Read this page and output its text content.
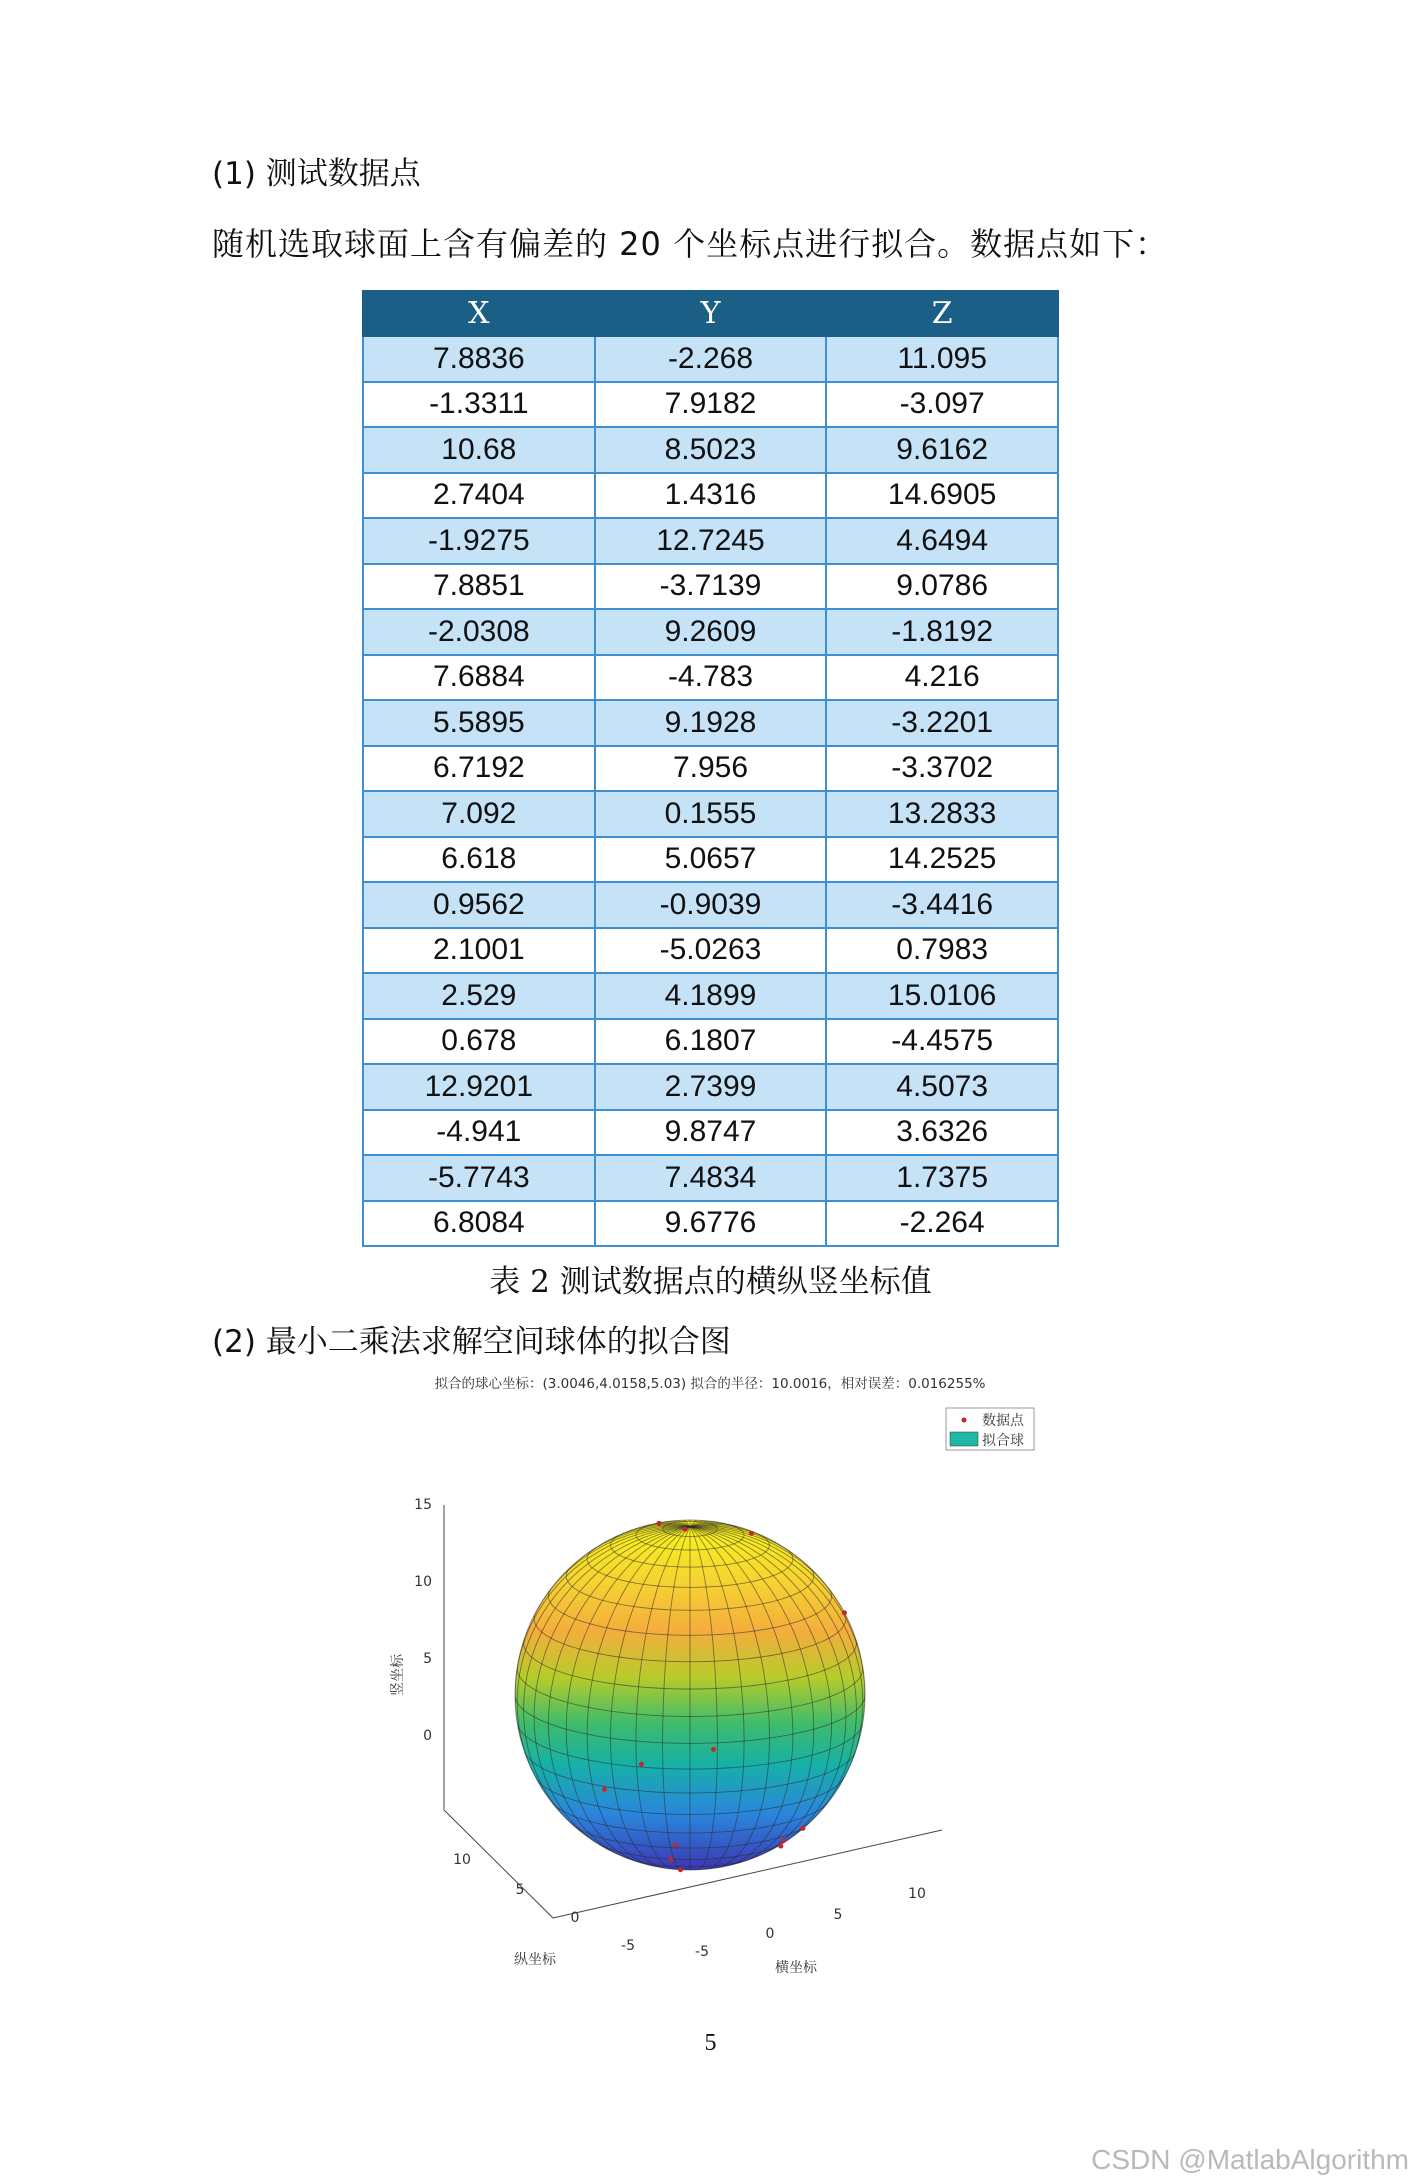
(1) 测试数据点
随机选取球面上含有偏差的 20 个坐标点进行拟合。数据点如下：
X	Y	Z
7.8836	-2.268	11.095
-1.3311	7.9182	-3.097
10.68	8.5023	9.6162
2.7404	1.4316	14.6905
-1.9275	12.7245	4.6494
7.8851	-3.7139	9.0786
-2.0308	9.2609	-1.8192
7.6884	-4.783	4.216
5.5895	9.1928	-3.2201
6.7192	7.956	-3.3702
7.092	0.1555	13.2833
6.618	5.0657	14.2525
0.9562	-0.9039	-3.4416
2.1001	-5.0263	0.7983
2.529	4.1899	15.0106
0.678	6.1807	-4.4575
12.9201	2.7399	4.5073
-4.941	9.8747	3.6326
-5.7743	7.4834	1.7375
6.8084	9.6776	-2.264
表 2 测试数据点的横纵竖坐标值
(2) 最小二乘法求解空间球体的拟合图
拟合的球心坐标：(3.0046,4.0158,5.03) 拟合的半径：10.0016，相对误差：0.016255%
数据点
拟合球
15
10
5
0
竖坐标
10
5
0
-5
纵坐标	-5
0
5
10
横坐标
5
CSDN @MatlabAlgorithm
